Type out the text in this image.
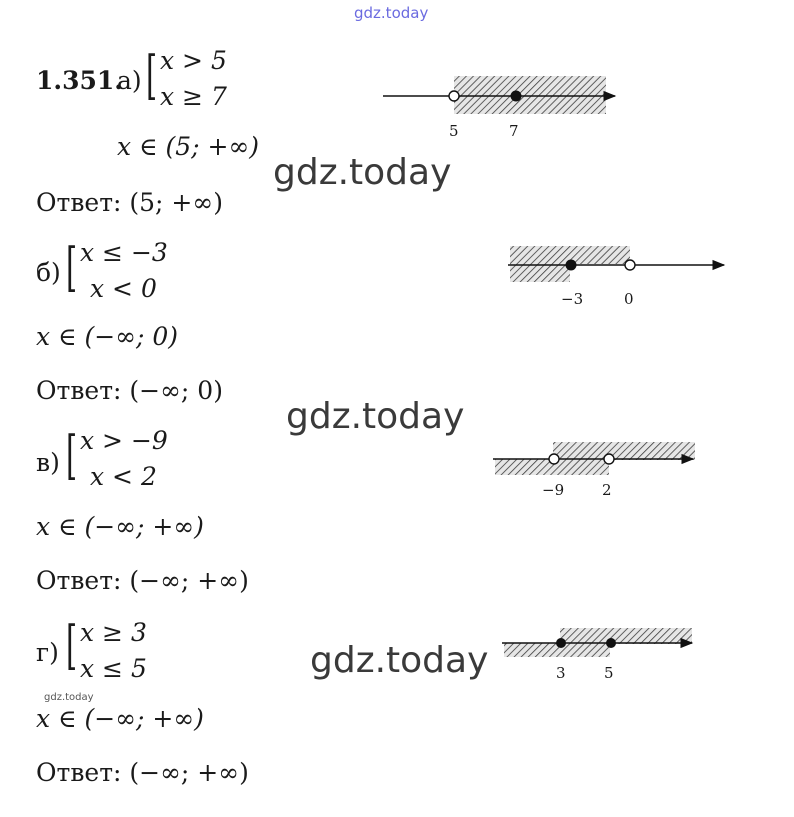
gdz.today
1.351.
а) [ x > 5
x ≥ 7
5	7
x ∈ (5; +∞)
gdz.today
Ответ: (5; +∞)
б) [ x ≤ −3
x < 0	−3	0
x ∈ (−∞; 0)
Ответ: (−∞; 0)
gdz.today
в) [ x > −9
x < 2	−9	2
x ∈ (−∞; +∞)
Ответ: (−∞; +∞)
г) [ x ≥ 3
x ≤ 5	3	5
gdz.today
gdz.today
x ∈ (−∞; +∞)
Ответ: (−∞; +∞)
